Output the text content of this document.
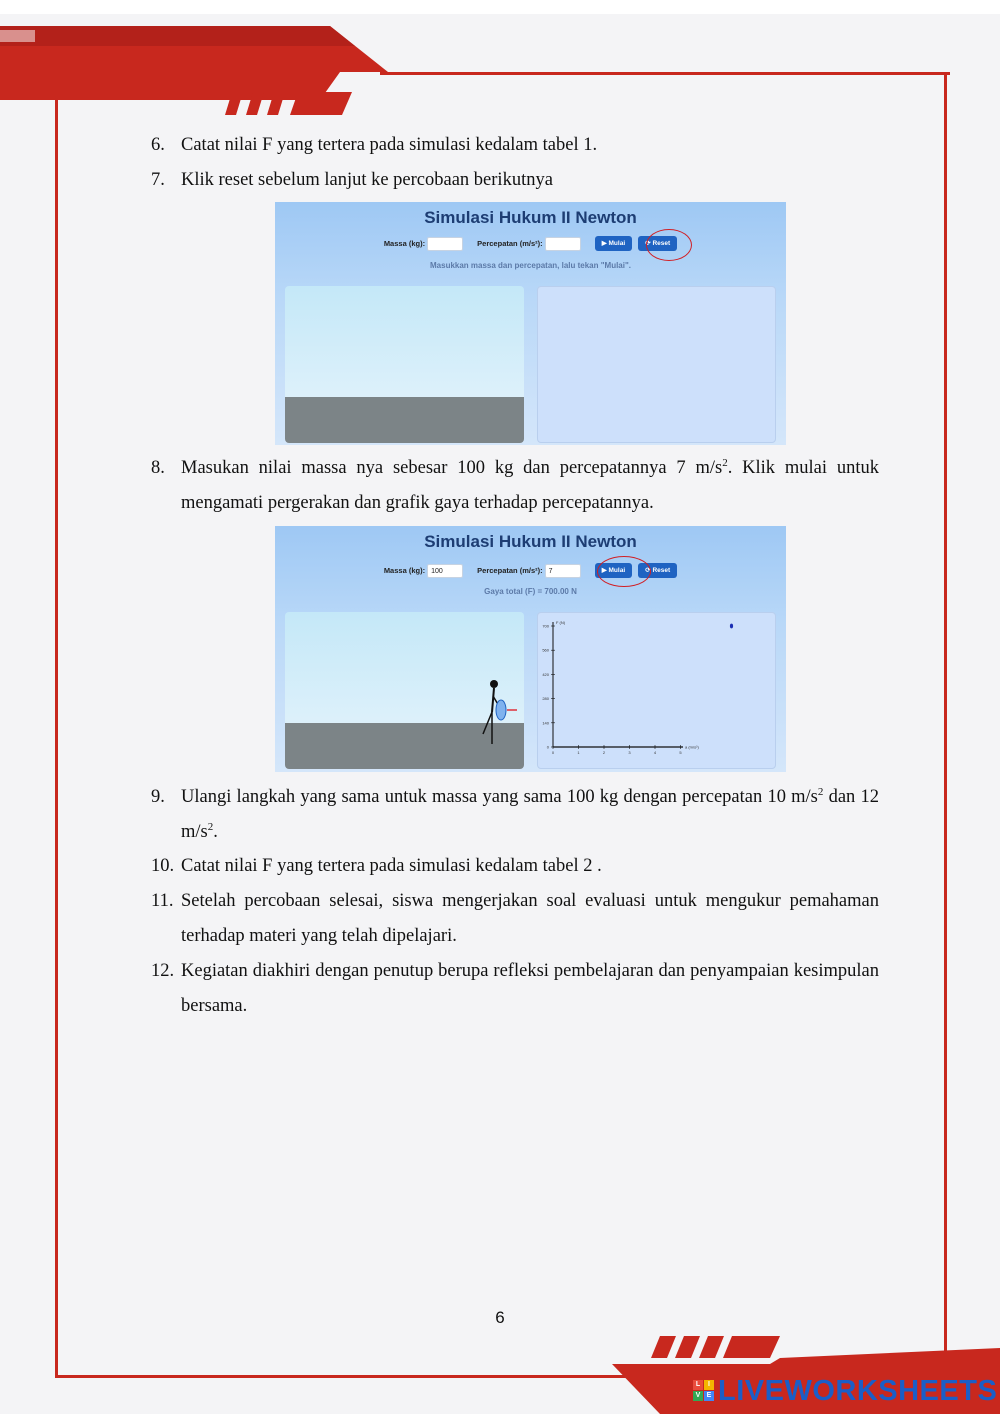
6. Catat nilai F yang tertera pada simulasi kedalam tabel 1.
7. Klik reset sebelum lanjut ke percobaan berikutnya
Simulasi Hukum II Newton
Massa (kg):	Percepatan (m/s²):	▶ Mulai	⟳ Reset
Masukkan massa dan percepatan, lalu tekan "Mulai".
8. Masukan nilai massa nya sebesar 100 kg dan percepatannya 7 $m/s^2$. Klik mulai untuk mengamati pergerakan dan grafik gaya terhadap percepatannya.
Simulasi Hukum II Newton
Massa (kg): 100	Percepatan (m/s²): 7	▶ Mulai	⟳ Reset
Gaya total (F) = 700.00 N
0
140
280
420
560
700
0	1	2	3	4	5
F (N)
a (m/s²)
9. Ulangi langkah yang sama untuk massa yang sama 100 kg dengan percepatan 10 $m/s^2$ dan 12 $m/s^2$.
10. Catat nilai F yang tertera pada simulasi kedalam tabel 2 .
11. Setelah percobaan selesai, siswa mengerjakan soal evaluasi untuk mengukur pemahaman terhadap materi yang telah dipelajari.
12. Kegiatan diakhiri dengan penutup berupa refleksi pembelajaran dan penyampaian kesimpulan bersama.
6
L	I
V E LIVEWORKSHEETS
